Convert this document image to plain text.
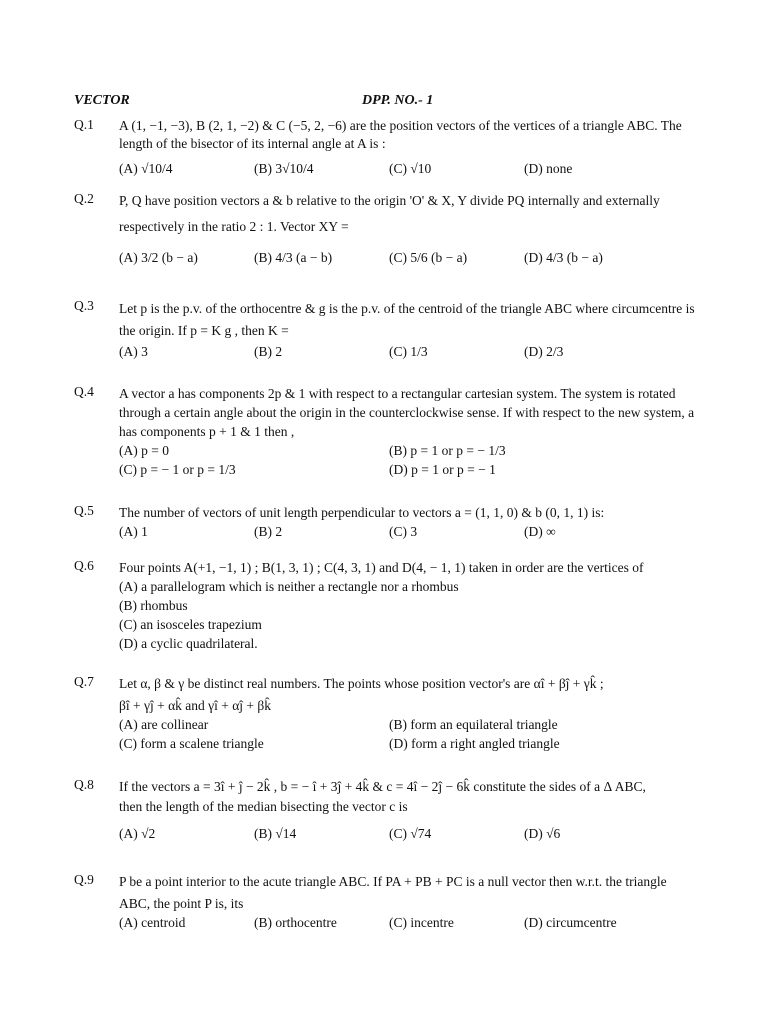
VECTOR	DPP. NO.- 1
Q.1	A (1, −1, −3), B (2, 1, −2) & C (−5, 2, −6) are the position vectors of the vertices of a triangle ABC. The length of the bisector of its internal angle at A is :
(A) √10/4	(B) 3√10/4	(C) √10	(D) none
Q.2	P, Q have position vectors a & b relative to the origin 'O' & X, Y divide PQ internally and externally
respectively in the ratio 2 : 1. Vector XY =
(A) 3/2 (b − a)	(B) 4/3 (a − b)	(C) 5/6 (b − a)	(D) 4/3 (b − a)
Q.3	Let p is the p.v. of the orthocentre & g is the p.v. of the centroid of the triangle ABC where circumcentre is the origin. If p = K g , then K =
(A) 3	(B) 2	(C) 1/3	(D) 2/3
Q.4	A vector a has components 2p & 1 with respect to a rectangular cartesian system. The system is rotated through a certain angle about the origin in the counterclockwise sense. If with respect to the new system, a has components p + 1 & 1 then ,
(A) p = 0	(B) p = 1 or p = − 1/3
(C) p = − 1 or p = 1/3	(D) p = 1 or p = − 1
Q.5	The number of vectors of unit length perpendicular to vectors a = (1, 1, 0) & b (0, 1, 1) is:
(A) 1	(B) 2	(C) 3	(D) ∞
Q.6	Four points A(+1, −1, 1) ; B(1, 3, 1) ; C(4, 3, 1) and D(4, − 1, 1) taken in order are the vertices of
(A) a parallelogram which is neither a rectangle nor a rhombus
(B) rhombus
(C) an isosceles trapezium
(D) a cyclic quadrilateral.
Q.7	Let α, β & γ be distinct real numbers. The points whose position vector's are αî + βĵ + γk̂ ;
βî + γĵ + αk̂ and γî + αĵ + βk̂
(A) are collinear	(B) form an equilateral triangle
(C) form a scalene triangle	(D) form a right angled triangle
Q.8	If the vectors a = 3î + ĵ − 2k̂ , b = − î + 3ĵ + 4k̂ & c = 4î − 2ĵ − 6k̂ constitute the sides of a Δ ABC,
then the length of the median bisecting the vector c is
(A) √2	(B) √14	(C) √74	(D) √6
Q.9	P be a point interior to the acute triangle ABC. If PA + PB + PC is a null vector then w.r.t. the triangle
ABC, the point P is, its
(A) centroid	(B) orthocentre	(C) incentre	(D) circumcentre
